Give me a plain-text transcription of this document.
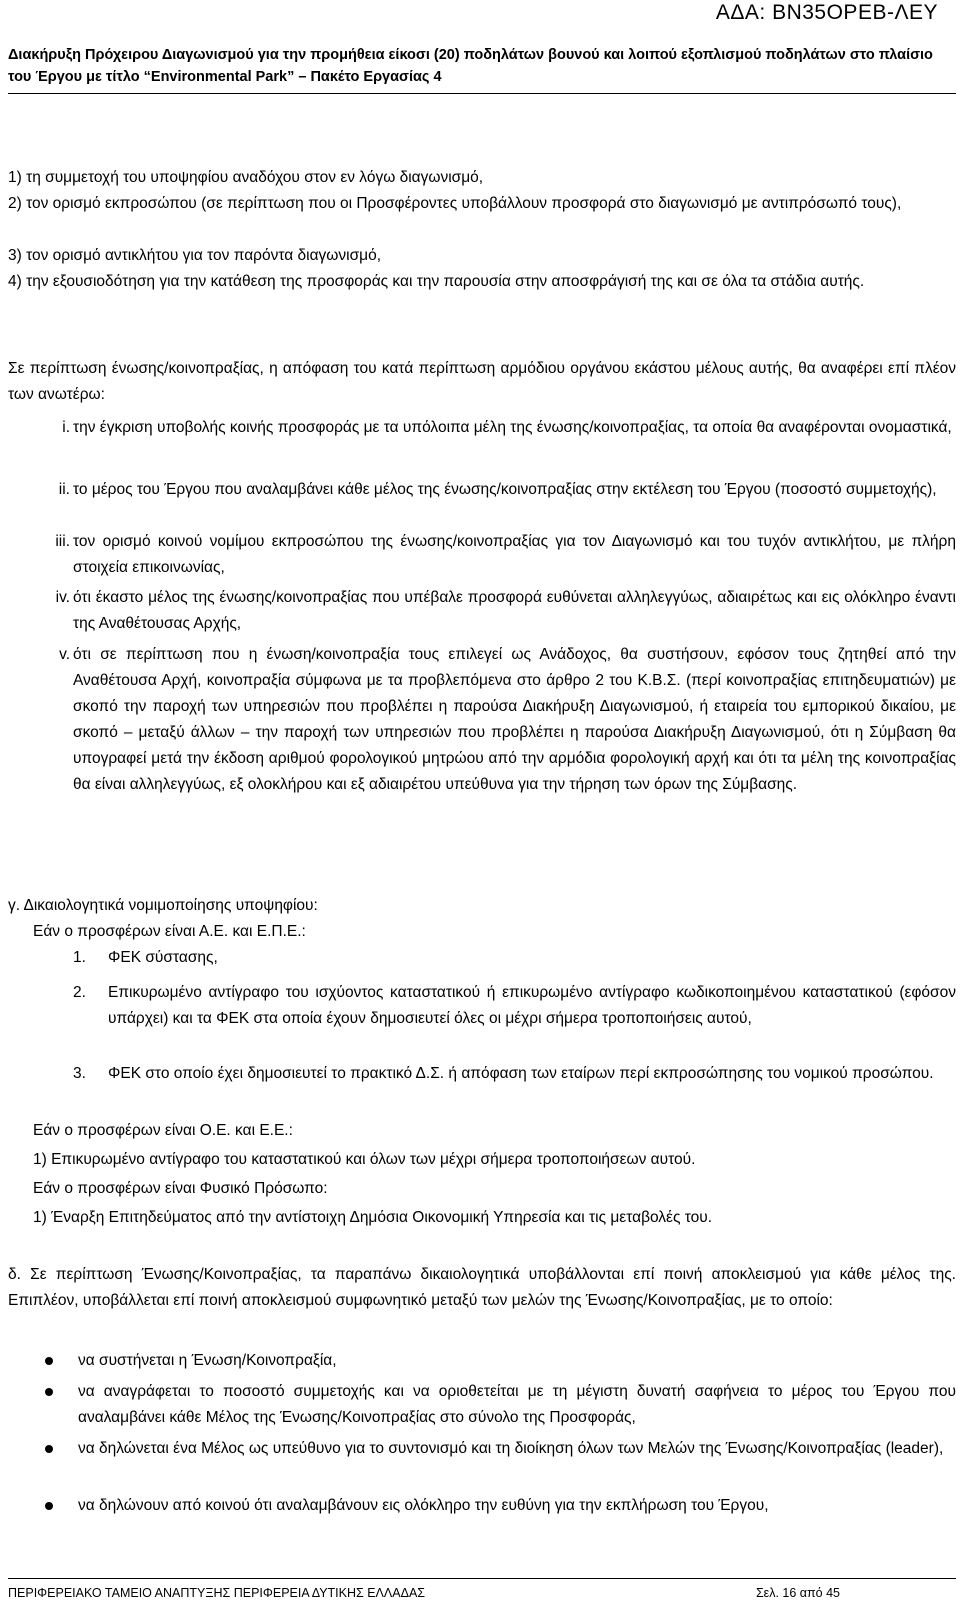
ΑΔΑ: ΒΝ35ΟΡΕΒ-ΛΕΥ
Διακήρυξη Πρόχειρου Διαγωνισμού για την προμήθεια είκοσι (20) ποδηλάτων βουνού και λοιπού εξοπλισμού ποδηλάτων στο πλαίσιο του Έργου με τίτλο “Environmental Park” – Πακέτο Εργασίας 4
1) τη συμμετοχή του υποψηφίου αναδόχου στον εν λόγω διαγωνισμό,
2) τον ορισμό εκπροσώπου (σε περίπτωση που οι Προσφέροντες υποβάλλουν προσφορά στο διαγωνισμό με αντιπρόσωπό τους),
3) τον ορισμό αντικλήτου για τον παρόντα διαγωνισμό,
4) την εξουσιοδότηση για την κατάθεση της προσφοράς και την παρουσία στην αποσφράγισή της και σε όλα τα στάδια αυτής.
Σε περίπτωση ένωσης/κοινοπραξίας, η απόφαση του κατά περίπτωση αρμόδιου οργάνου εκάστου μέλους αυτής, θα αναφέρει επί πλέον των ανωτέρω:
i. την έγκριση υποβολής κοινής προσφοράς με τα υπόλοιπα μέλη της ένωσης/κοινοπραξίας, τα οποία θα αναφέρονται ονομαστικά,
ii. το μέρος του Έργου που αναλαμβάνει κάθε μέλος της ένωσης/κοινοπραξίας στην εκτέλεση του Έργου (ποσοστό συμμετοχής),
iii. τον ορισμό κοινού νομίμου εκπροσώπου της ένωσης/κοινοπραξίας για τον Διαγωνισμό και του τυχόν αντικλήτου, με πλήρη στοιχεία επικοινωνίας,
iv. ότι έκαστο μέλος της ένωσης/κοινοπραξίας που υπέβαλε προσφορά ευθύνεται αλληλεγγύως, αδιαιρέτως και εις ολόκληρο έναντι της Αναθέτουσας Αρχής,
v. ότι σε περίπτωση που η ένωση/κοινοπραξία τους επιλεγεί ως Ανάδοχος, θα συστήσουν, εφόσον τους ζητηθεί από την Αναθέτουσα Αρχή, κοινοπραξία σύμφωνα με τα προβλεπόμενα στο άρθρο 2 του Κ.Β.Σ. (περί κοινοπραξίας επιτηδευματιών) με σκοπό την παροχή των υπηρεσιών που προβλέπει η παρούσα Διακήρυξη Διαγωνισμού, ή εταιρεία του εμπορικού δικαίου, με σκοπό – μεταξύ άλλων – την παροχή των υπηρεσιών που προβλέπει η παρούσα Διακήρυξη Διαγωνισμού, ότι η Σύμβαση θα υπογραφεί μετά την έκδοση αριθμού φορολογικού μητρώου από την αρμόδια φορολογική αρχή και ότι τα μέλη της κοινοπραξίας θα είναι αλληλεγγύως, εξ ολοκλήρου και εξ αδιαιρέτου υπεύθυνα για την τήρηση των όρων της Σύμβασης.
γ. Δικαιολογητικά νομιμοποίησης υποψηφίου:
Εάν ο προσφέρων είναι Α.Ε. και Ε.Π.Ε.:
1. ΦΕΚ σύστασης,
2. Επικυρωμένο αντίγραφο του ισχύοντος καταστατικού ή επικυρωμένο αντίγραφο κωδικοποιημένου καταστατικού (εφόσον υπάρχει) και τα ΦΕΚ στα οποία έχουν δημοσιευτεί όλες οι μέχρι σήμερα τροποποιήσεις αυτού,
3. ΦΕΚ στο οποίο έχει δημοσιευτεί το πρακτικό Δ.Σ. ή απόφαση των εταίρων περί εκπροσώπησης του νομικού προσώπου.
Εάν ο προσφέρων είναι Ο.Ε. και Ε.Ε.:
1) Επικυρωμένο αντίγραφο του καταστατικού και όλων των μέχρι σήμερα τροποποιήσεων αυτού.
Εάν ο προσφέρων είναι Φυσικό Πρόσωπο:
1) Έναρξη Επιτηδεύματος από την αντίστοιχη Δημόσια Οικονομική Υπηρεσία και τις μεταβολές του.
δ. Σε περίπτωση Ένωσης/Κοινοπραξίας, τα παραπάνω δικαιολογητικά υποβάλλονται επί ποινή αποκλεισμού για κάθε μέλος της. Επιπλέον, υποβάλλεται επί ποινή αποκλεισμού συμφωνητικό μεταξύ των μελών της Ένωσης/Κοινοπραξίας, με το οποίο:
να συστήνεται η Ένωση/Κοινοπραξία,
να αναγράφεται το ποσοστό συμμετοχής και να οριοθετείται με τη μέγιστη δυνατή σαφήνεια το μέρος του Έργου που αναλαμβάνει κάθε Μέλος της Ένωσης/Κοινοπραξίας στο σύνολο της Προσφοράς,
να δηλώνεται ένα Μέλος ως υπεύθυνο για το συντονισμό και τη διοίκηση όλων των Μελών της Ένωσης/Κοινοπραξίας (leader),
να δηλώνουν από κοινού ότι αναλαμβάνουν εις ολόκληρο την ευθύνη για την εκπλήρωση του Έργου,
ΠΕΡΙΦΕΡΕΙΑΚΟ ΤΑΜΕΙΟ ΑΝΑΠΤΥΞΗΣ ΠΕΡΙΦΕΡΕΙΑ ΔΥΤΙΚΗΣ ΕΛΛΑΔΑΣ	Σελ. 16 από 45
